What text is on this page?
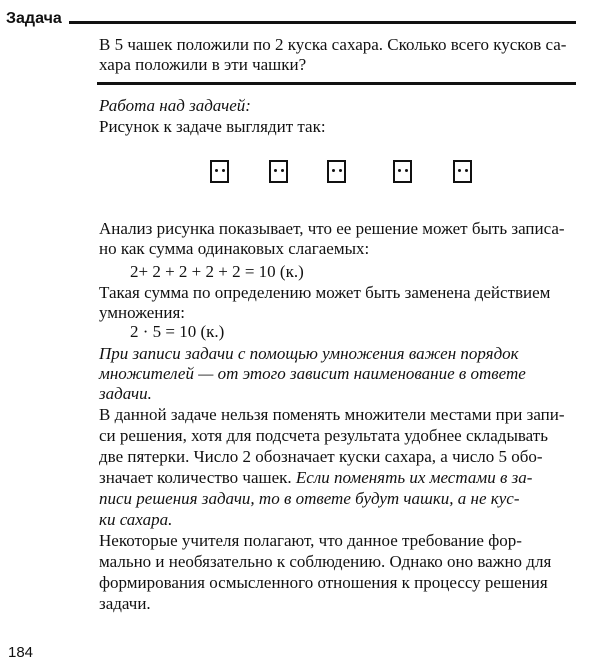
Задача
В 5 чашек положили по 2 куска сахара. Сколько всего кусков са-
хара положили в эти чашки?
Работа над задачей:
Рисунок к задаче выглядит так:
Анализ рисунка показывает, что ее решение может быть записа-
но как сумма одинаковых слагаемых:
2+ 2 + 2 + 2 + 2 = 10 (к.)
Такая сумма по определению может быть заменена действием
умножения:
2 · 5 = 10 (к.)
При записи задачи с помощью умножения важен порядок
множителей — от этого зависит наименование в ответе
задачи.
В данной задаче нельзя поменять множители местами при запи-
си решения, хотя для подсчета результата удобнее складывать
две пятерки. Число 2 обозначает куски сахара, а число 5 обо-
значает количество чашек. Если поменять их местами в за-
писи решения задачи, то в ответе будут чашки, а не кус-
ки сахара.
Некоторые учителя полагают, что данное требование фор-
мально и необязательно к соблюдению. Однако оно важно для
формирования осмысленного отношения к процессу решения
задачи.
184
